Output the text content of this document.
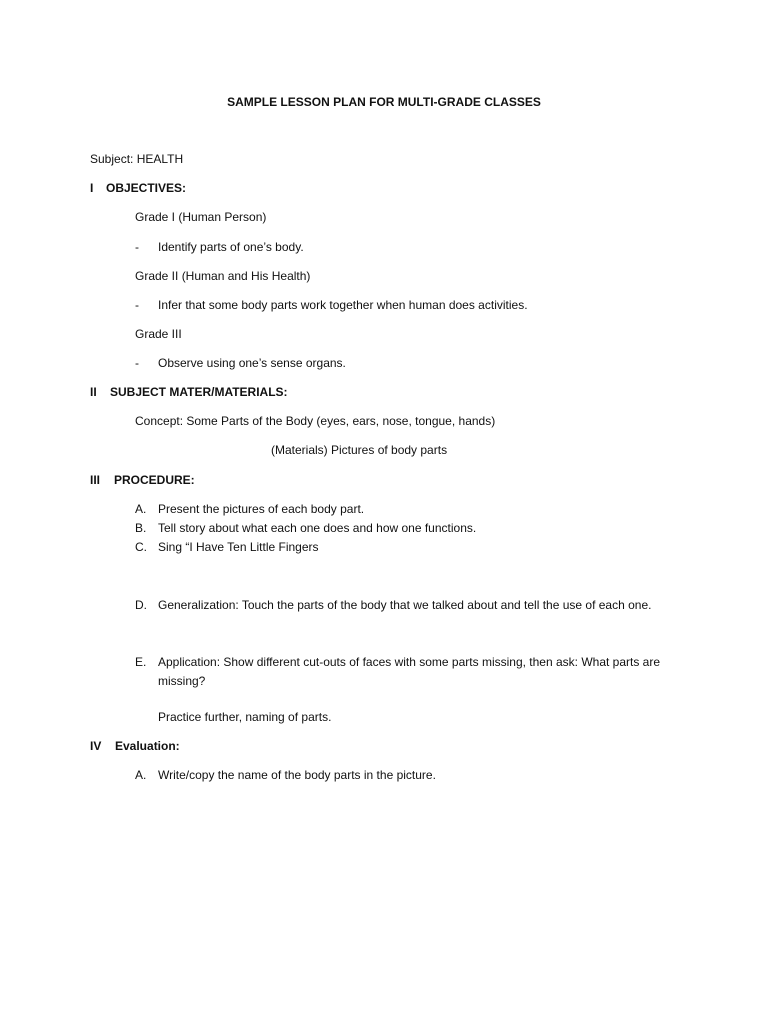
SAMPLE LESSON PLAN FOR MULTI-GRADE CLASSES
Subject: HEALTH
I OBJECTIVES:
Grade I (Human Person)
- Identify parts of one’s body.
Grade II (Human and His Health)
- Infer that some body parts work together when human does activities.
Grade III
- Observe using one’s sense organs.
II SUBJECT MATER/MATERIALS:
Concept: Some Parts of the Body (eyes, ears, nose, tongue, hands)
(Materials) Pictures of body parts
III PROCEDURE:
A. Present the pictures of each body part.
B. Tell story about what each one does and how one functions.
C. Sing “I Have Ten Little Fingers
D. Generalization: Touch the parts of the body that we talked about and tell the use of each one.
E. Application: Show different cut-outs of faces with some parts missing, then ask: What parts are missing?
Practice further, naming of parts.
IV Evaluation:
A. Write/copy the name of the body parts in the picture.
